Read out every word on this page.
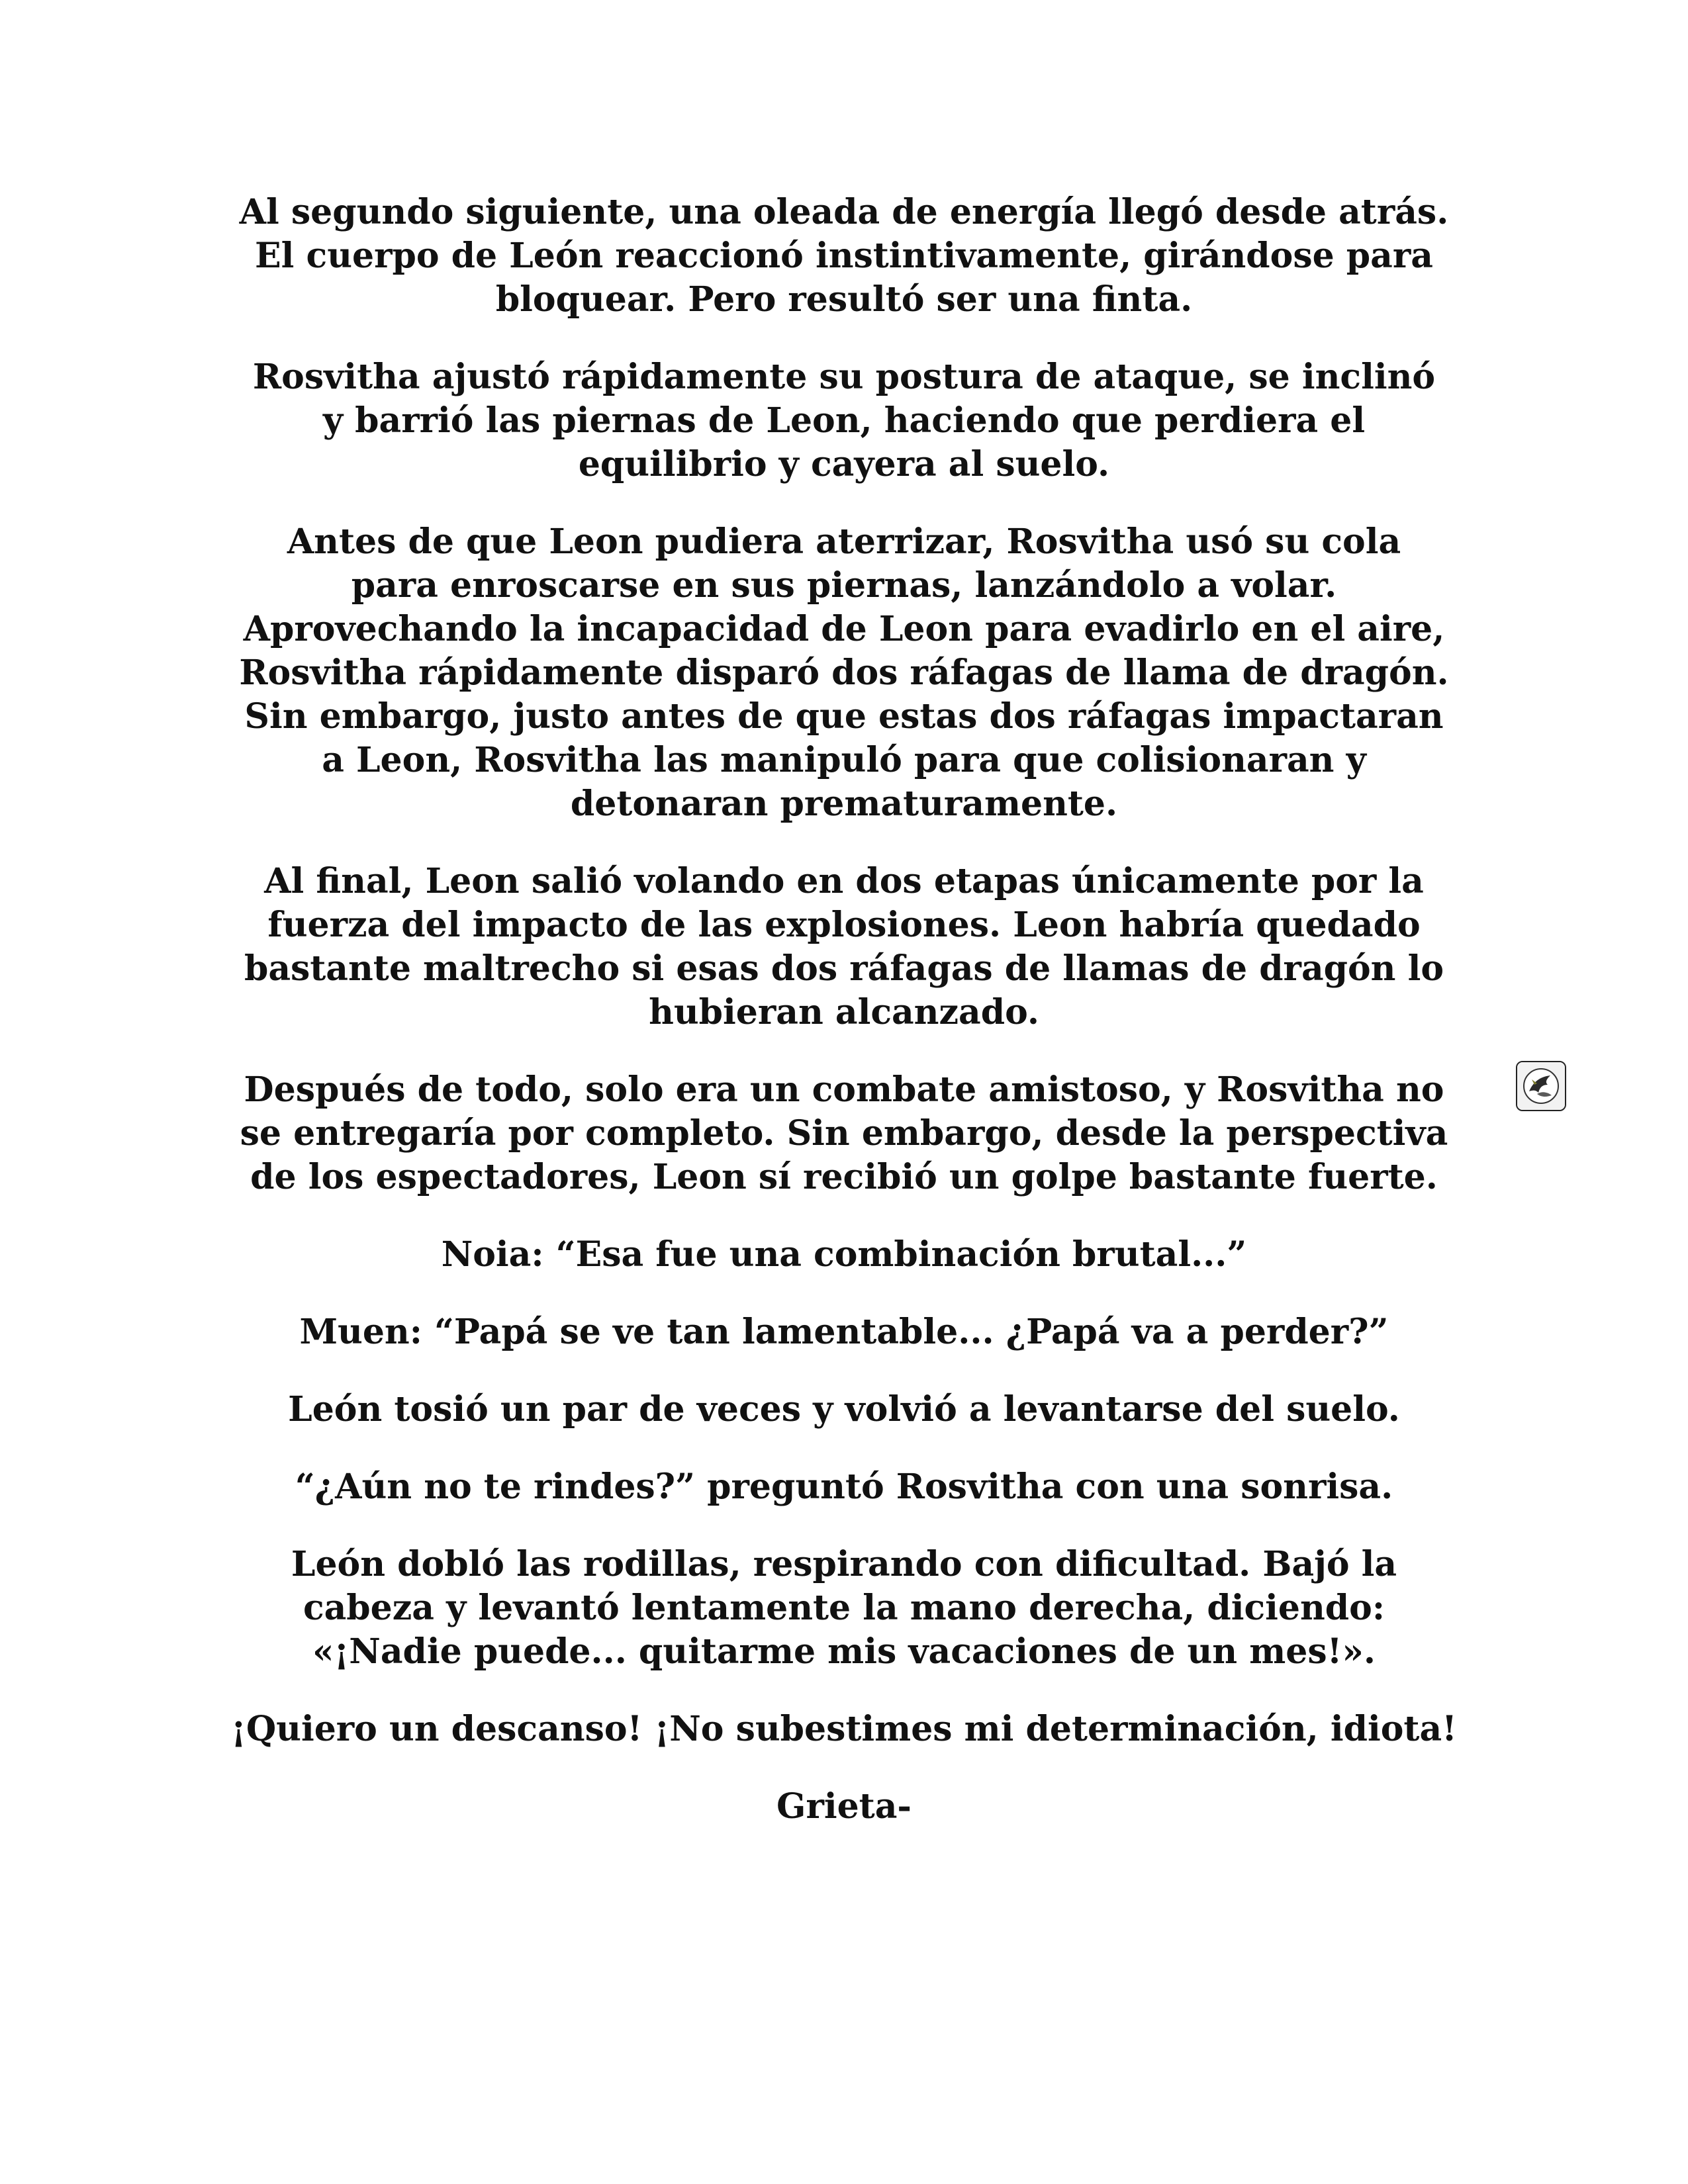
Al segundo siguiente, una oleada de energía llegó desde atrás.
El cuerpo de León reaccionó instintivamente, girándose para
bloquear. Pero resultó ser una finta.

Rosvitha ajustó rápidamente su postura de ataque, se inclinó
y barrió las piernas de Leon, haciendo que perdiera el
equilibrio y cayera al suelo.

Antes de que Leon pudiera aterrizar, Rosvitha usó su cola
para enroscarse en sus piernas, lanzándolo a volar.
Aprovechando la incapacidad de Leon para evadirlo en el aire,
Rosvitha rápidamente disparó dos ráfagas de llama de dragón.
Sin embargo, justo antes de que estas dos ráfagas impactaran
a Leon, Rosvitha las manipuló para que colisionaran y
detonaran prematuramente.

Al final, Leon salió volando en dos etapas únicamente por la
fuerza del impacto de las explosiones. Leon habría quedado
bastante maltrecho si esas dos ráfagas de llamas de dragón lo
hubieran alcanzado.

Después de todo, solo era un combate amistoso, y Rosvitha no
se entregaría por completo. Sin embargo, desde la perspectiva
de los espectadores, Leon sí recibió un golpe bastante fuerte.

Noia: “Esa fue una combinación brutal...”

Muen: “Papá se ve tan lamentable... ¿Papá va a perder?”

León tosió un par de veces y volvió a levantarse del suelo.

“¿Aún no te rindes?” preguntó Rosvitha con una sonrisa.

León dobló las rodillas, respirando con dificultad. Bajó la
cabeza y levantó lentamente la mano derecha, diciendo:
«¡Nadie puede... quitarme mis vacaciones de un mes!».

¡Quiero un descanso! ¡No subestimes mi determinación, idiota!

Grieta-
